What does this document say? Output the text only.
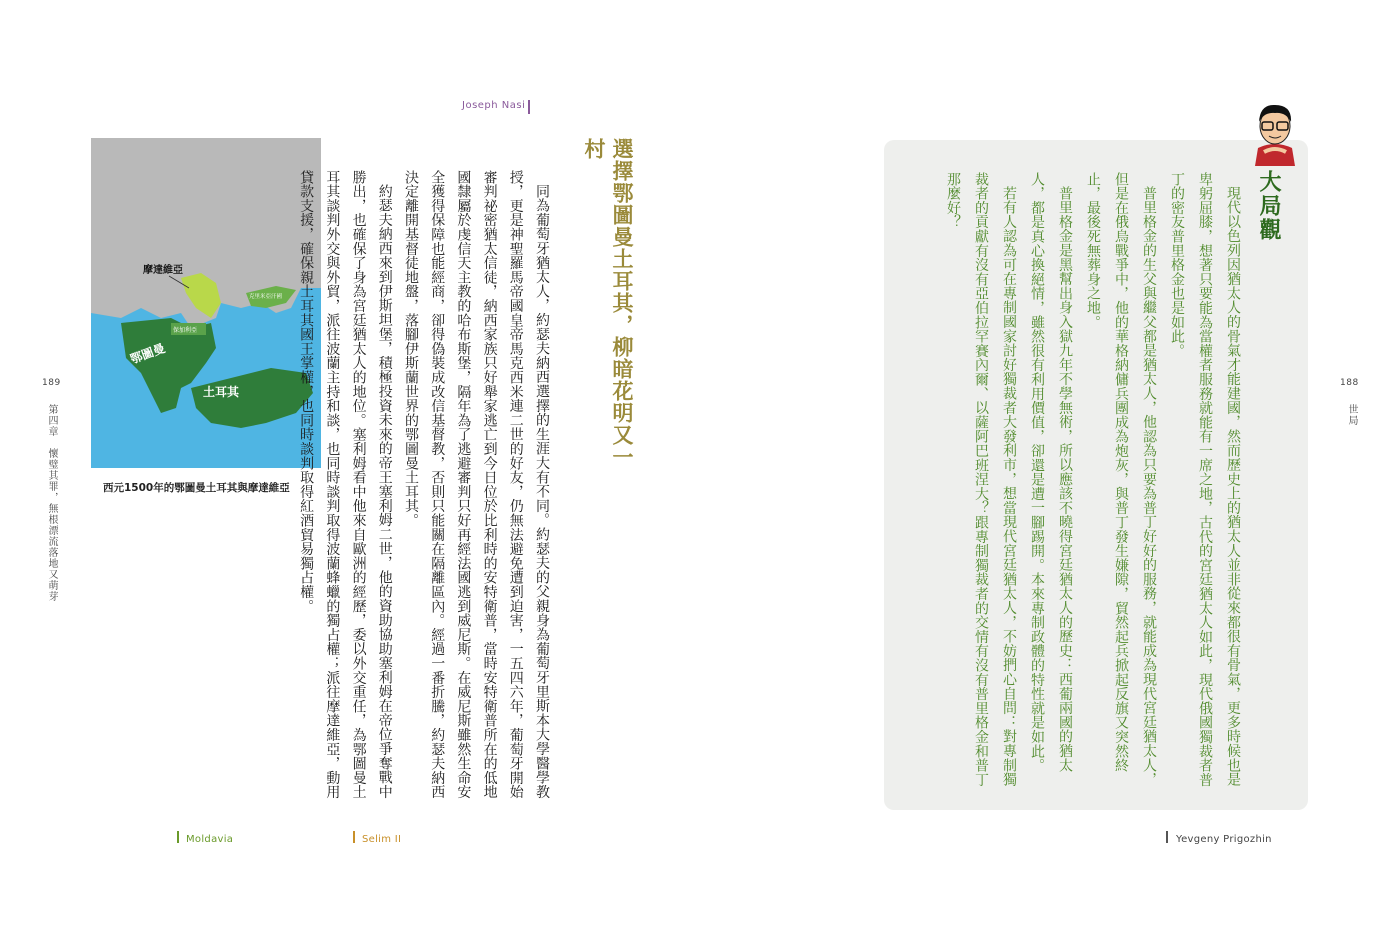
189
第四章　懷璧其罪，無根漂流落地又萌芽
Joseph Nasi
摩達維亞
鄂圖曼
土耳其
保加利亞
克里米亞汗國
西元1500年的鄂圖曼土耳其與摩達維亞
選擇鄂圖曼土耳其，柳暗花明又一村

同為葡萄牙猶太人，約瑟夫納西選擇的生涯大有不同。約瑟夫的父親身為葡萄牙里斯本大學醫學教授，更是神聖羅馬帝國皇帝馬克西米連二世的好友，仍無法避免遭到迫害，一五四六年，葡萄牙開始審判祕密猶太信徒，納西家族只好舉家逃亡到今日位於比利時的安特衛普，當時安特衛普所在的低地國隸屬於虔信天主教的哈布斯堡，隔年為了逃避審判只好再經法國逃到威尼斯。在威尼斯雖然生命安全獲得保障也能經商，卻得偽裝成改信基督教，否則只能關在隔離區內。經過一番折騰，約瑟夫納西決定離開基督徒地盤，落腳伊斯蘭世界的鄂圖曼土耳其。

約瑟夫納西來到伊斯坦堡，積極投資未來的帝王塞利姆二世，他的資助協助塞利姆在帝位爭奪戰中勝出，也確保了身為宮廷猶太人的地位。塞利姆看中他來自歐洲的經歷，委以外交重任，為鄂圖曼土耳其談判外交與外貿，派往波蘭主持和談，也同時談判取得波蘭蜂蠟的獨占權；派往摩達維亞，動用貸款支援，確保親土耳其國王掌權，也同時談判取得紅酒貿易獨占權。

Moldavia	Selim II
188
世局
大局觀

現代以色列因猶太人的骨氣才能建國，然而歷史上的猶太人並非從來都很有骨氣，更多時候也是卑躬屈膝，想著只要能為當權者服務就能有一席之地，古代的宮廷猶太人如此，現代俄國獨裁者普丁的密友普里格金也是如此。

普里格金的生父與繼父都是猶太人，他認為只要為普丁好好的服務，就能成為現代宮廷猶太人，但是在俄烏戰爭中，他的華格納傭兵團成為炮灰，與普丁發生嫌隙，貿然起兵掀起反旗又突然終止，最後死無葬身之地。

普里格金是黑幫出身入獄九年不學無術，所以應該不曉得宮廷猶太人的歷史：西葡兩國的猶太人，都是真心換絕情，雖然很有利用價值，卻還是遭一腳踢開。本來專制政體的特性就是如此。

若有人認為可在專制國家討好獨裁者大發利市，想當現代宮廷猶太人，不妨捫心自問：對專制獨裁者的貢獻有沒有亞伯拉罕賽內爾、以薩阿巴班涅大？跟專制獨裁者的交情有沒有普里格金和普丁那麼好？

Yevgeny Prigozhin
